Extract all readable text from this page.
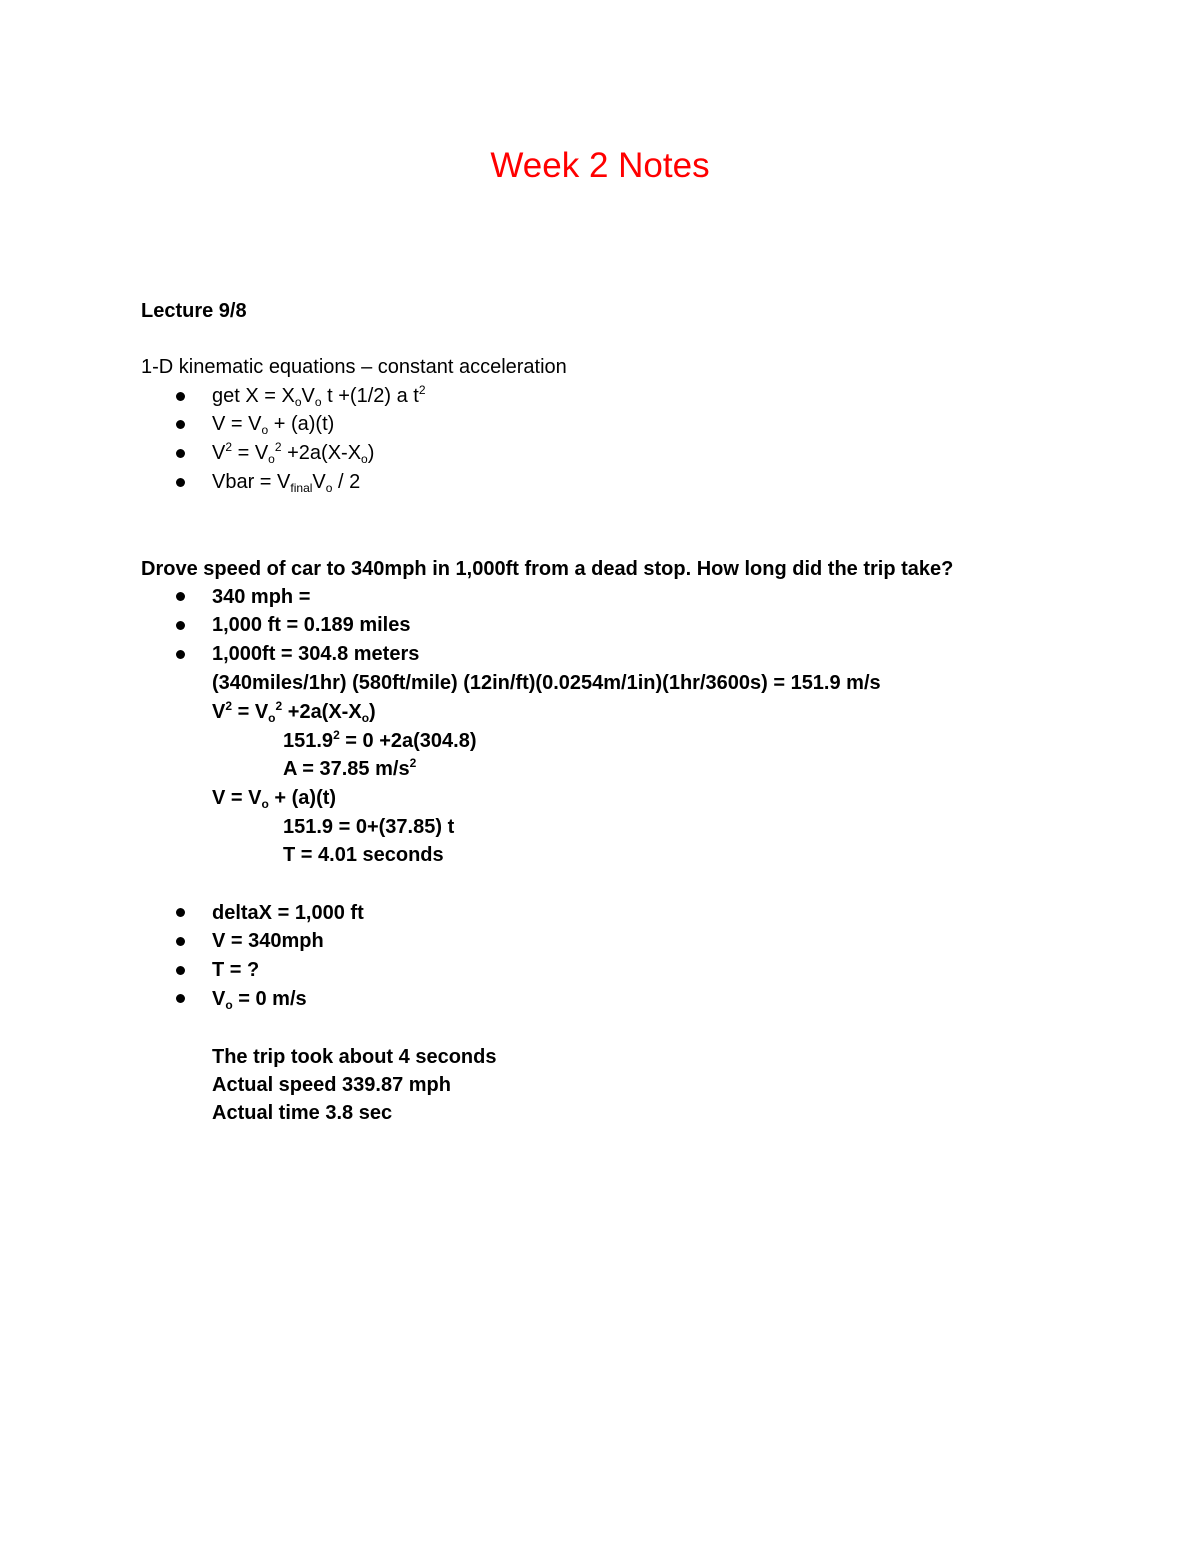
Week 2 Notes
Lecture 9/8
1-D kinematic equations – constant acceleration
get $X = X_oV_o$ t +(1/2) a $t^2$
$V = V_o + (a)(t)$
$V^2 = V_o^2 +2a(X-X_o)$
Vbar = $V_{final}V_o / 2$
Drove speed of car to 340mph in 1,000ft from a dead stop. How long did the trip take?
340 mph =
1,000 ft = 0.189 miles
1,000ft = 304.8 meters
(340miles/1hr) (580ft/mile) (12in/ft)(0.0254m/1in)(1hr/3600s) = 151.9 m/s
$V^2 = V_o^2 +2a(X-X_o)$
$151.9^2 = 0 +2a(304.8)$
A = 37.85 $m/s^2$
$V = V_o + (a)(t)$
151.9 = 0+(37.85) t
T = 4.01 seconds
deltaX = 1,000 ft
V = 340mph
T = ?
$V_o = 0$ m/s
The trip took about 4 seconds
Actual speed 339.87 mph
Actual time 3.8 sec
